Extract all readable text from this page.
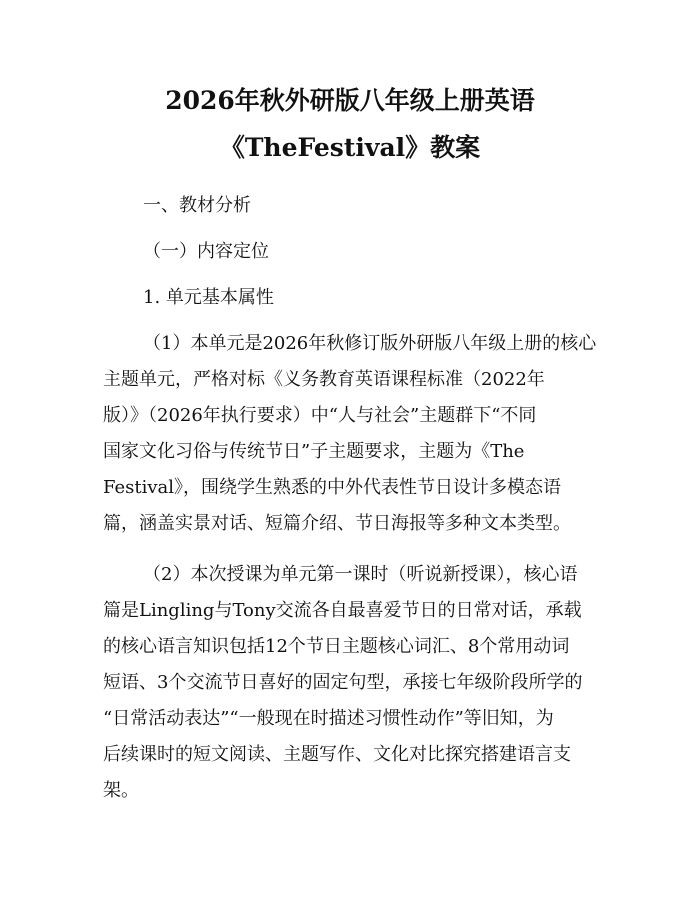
2026年秋外研版八年级上册英语
《TheFestival》教案
一、教材分析
（一）内容定位
1. 单元基本属性
（1）本单元是2026年秋修订版外研版八年级上册的核心
主题单元，严格对标《义务教育英语课程标准（2022年
版）》（2026年执行要求）中“人与社会”主题群下“不同
国家文化习俗与传统节日”子主题要求，主题为《The
Festival》，围绕学生熟悉的中外代表性节日设计多模态语
篇，涵盖实景对话、短篇介绍、节日海报等多种文本类型。
（2）本次授课为单元第一课时（听说新授课），核心语
篇是Lingling与Tony交流各自最喜爱节日的日常对话，承载
的核心语言知识包括12个节日主题核心词汇、8个常用动词
短语、3个交流节日喜好的固定句型，承接七年级阶段所学的
“日常活动表达”“一般现在时描述习惯性动作”等旧知，为
后续课时的短文阅读、主题写作、文化对比探究搭建语言支
架。
